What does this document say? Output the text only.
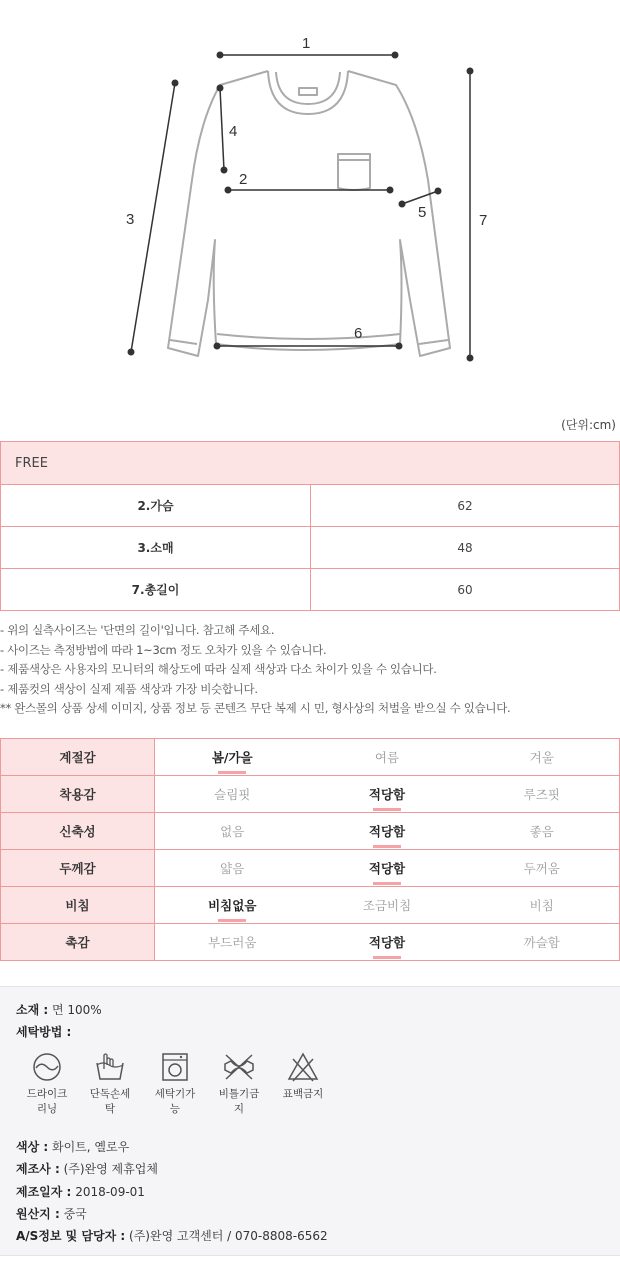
1
2
3
4
5
6
7
(단위:cm)
FREE	
2.가슴	62
3.소매	48
7.총길이	60
- 위의 실측사이즈는 '단면의 길이'입니다. 참고해 주세요.
- 사이즈는 측정방법에 따라 1~3cm 정도 오차가 있을 수 있습니다.
- 제품색상은 사용자의 모니터의 해상도에 따라 실제 색상과 다소 차이가 있을 수 있습니다.
- 제품컷의 색상이 실제 제품 색상과 가장 비슷합니다.
** 완스몰의 상품 상세 이미지, 상품 정보 등 콘텐즈 무단 복제 시 민, 형사상의 처벌을 받으실 수 있습니다.
계절감	봄/가을	여름	겨울
착용감	슬림핏	적당함	루즈핏
신축성	없음	적당함	좋음
두께감	얇음	적당함	두꺼움
비침	비침없음	조금비침	비침
촉감	부드러움	적당함	까슬함
소재 : 면 100%
세탁방법 :
드라이크
리닝
단독손세
탁
세탁기가
능
비틀기금
지
표백금지
색상 : 화이트, 옐로우
제조사 : (주)완영 제휴업체
제조일자 : 2018-09-01
원산지 : 중국
A/S정보 및 담당자 : (주)완영 고객센터 / 070-8808-6562
